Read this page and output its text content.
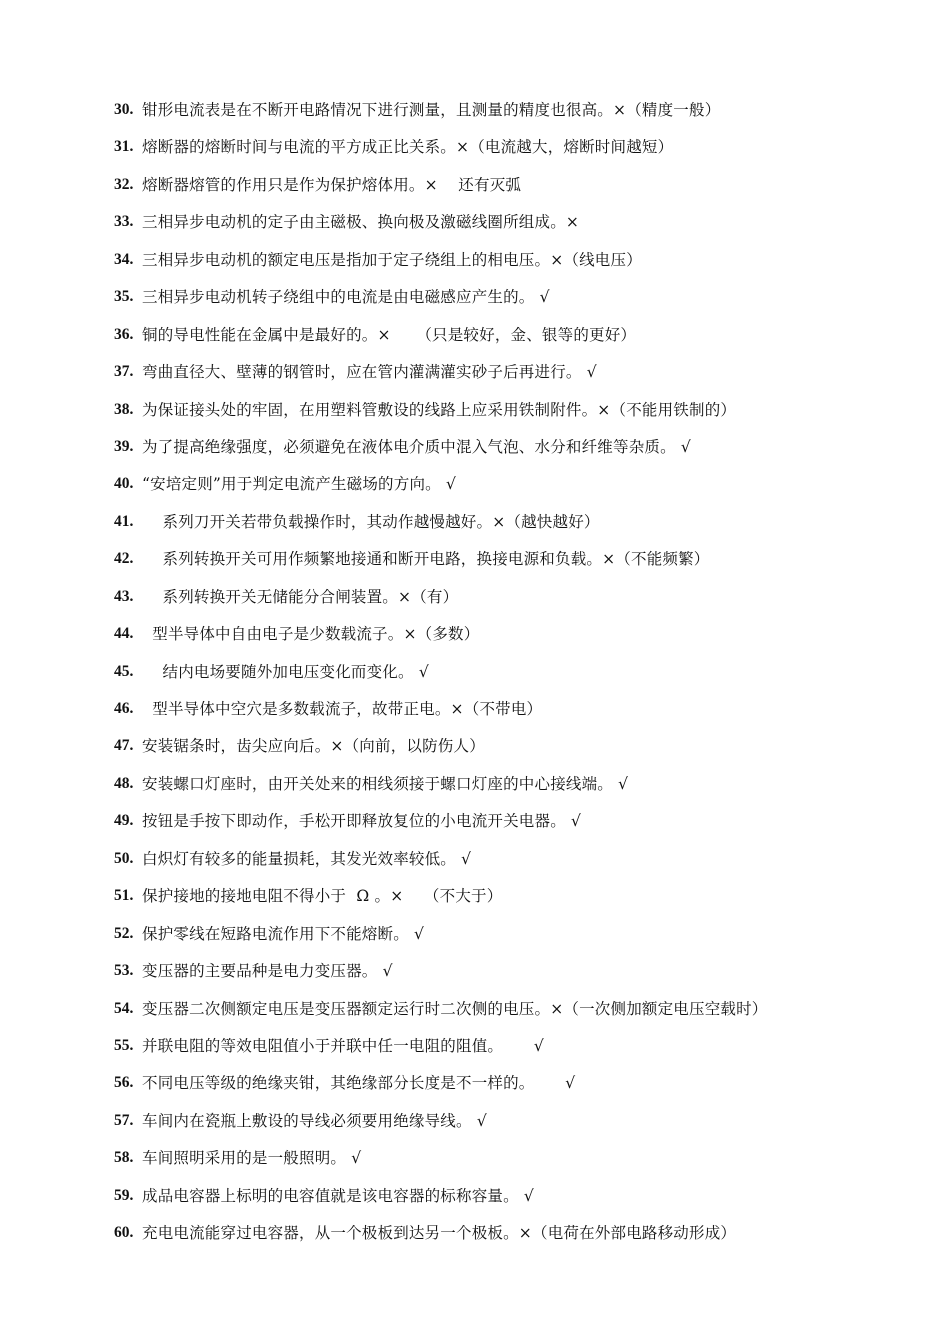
30. 钳形电流表是在不断开电路情况下进行测量，且测量的精度也很高。×（精度一般）
31. 熔断器的熔断时间与电流的平方成正比关系。×（电流越大，熔断时间越短）
32. 熔断器熔管的作用只是作为保护熔体用。×    还有灭弧
33. 三相异步电动机的定子由主磁极、换向极及激磁线圈所组成。×
34. 三相异步电动机的额定电压是指加于定子绕组上的相电压。×（线电压）
35. 三相异步电动机转子绕组中的电流是由电磁感应产生的。 √
36. 铜的导电性能在金属中是最好的。×     （只是较好，金、银等的更好）
37. 弯曲直径大、壁薄的钢管时，应在管内灌满灌实砂子后再进行。 √
38. 为保证接头处的牢固，在用塑料管敷设的线路上应采用铁制附件。×（不能用铁制的）
39. 为了提高绝缘强度，必须避免在液体电介质中混入气泡、水分和纤维等杂质。 √
40. “安培定则”用于判定电流产生磁场的方向。 √
41. 系列刀开关若带负载操作时，其动作越慢越好。×（越快越好）
42. 系列转换开关可用作频繁地接通和断开电路，换接电源和负载。×（不能频繁）
43. 系列转换开关无储能分合闸装置。×（有）
44. 型半导体中自由电子是少数载流子。×（多数）
45. 结内电场要随外加电压变化而变化。 √
46. 型半导体中空穴是多数载流子，故带正电。×（不带电）
47. 安装锯条时，齿尖应向后。×（向前，以防伤人）
48. 安装螺口灯座时，由开关处来的相线须接于螺口灯座的中心接线端。 √
49. 按钮是手按下即动作，手松开即释放复位的小电流开关电器。 √
50. 白炽灯有较多的能量损耗，其发光效率较低。 √
51. 保护接地的接地电阻不得小于  Ω 。×    （不大于）
52. 保护零线在短路电流作用下不能熔断。 √
53. 变压器的主要品种是电力变压器。 √
54. 变压器二次侧额定电压是变压器额定运行时二次侧的电压。×（一次侧加额定电压空载时）
55. 并联电阻的等效电阻值小于并联中任一电阻的阻值。      √
56. 不同电压等级的绝缘夹钳，其绝缘部分长度是不一样的。      √
57. 车间内在瓷瓶上敷设的导线必须要用绝缘导线。 √
58. 车间照明采用的是一般照明。 √
59. 成品电容器上标明的电容值就是该电容器的标称容量。 √
60. 充电电流能穿过电容器，从一个极板到达另一个极板。×（电荷在外部电路移动形成）
